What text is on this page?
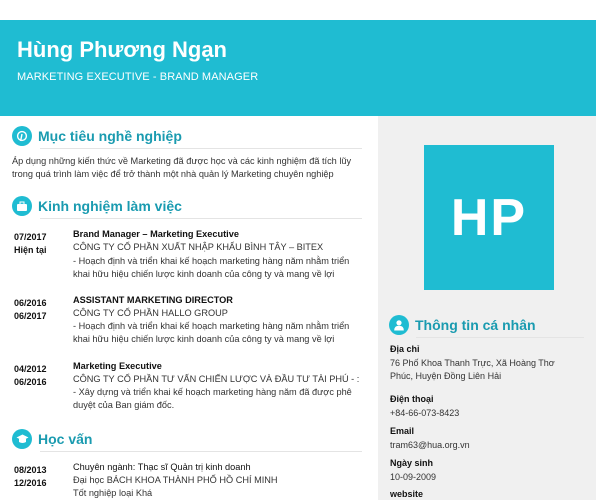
Hùng Phương Ngạn
MARKETING EXECUTIVE - BRAND MANAGER
Mục tiêu nghề nghiệp
Áp dụng những kiến thức về Marketing đã được học và các kinh nghiệm đã tích lũy
trong quá trình làm việc để trở thành một nhà quản lý Marketing chuyên nghiệp
Kinh nghiệm làm việc
07/2017
Hiện tại
Brand Manager – Marketing Executive
CÔNG TY CỔ PHẦN XUẤT NHẬP KHẨU BÌNH TÂY – BITEX
- Hoạch định và triển khai kế hoạch marketing hàng năm nhằm triển
khai hữu hiệu chiến lược kinh doanh của công ty và mang về lợi
06/2016
06/2017
ASSISTANT MARKETING DIRECTOR
CÔNG TY CỔ PHẦN HALLO GROUP
- Hoạch định và triển khai kế hoạch marketing hàng năm nhằm triển
khai hữu hiệu chiến lược kinh doanh của công ty và mang về lợi
04/2012
06/2016
Marketing Executive
CÔNG TY CỔ PHẦN TƯ VẤN CHIẾN LƯỢC VÀ ĐẦU TƯ TÀI PHÚ - :
- Xây dựng và triển khai kế hoạch marketing hàng năm đã được phê
duyệt của Ban giám đốc.
Học vấn
08/2013
12/2016
Chuyên ngành: Thạc sĩ Quản trị kinh doanh
Đại học BÁCH KHOA THÀNH PHỐ HỒ CHÍ MINH
Tốt nghiệp loại Khá
HP
Thông tin cá nhân
Địa chỉ
76 Phố Khoa Thanh Trực, Xã Hoàng Thơ
Phúc, Huyện Đồng Liên Hải
Điện thoại
+84-66-073-8423
Email
tram63@hua.org.vn
Ngày sinh
10-09-2009
website
